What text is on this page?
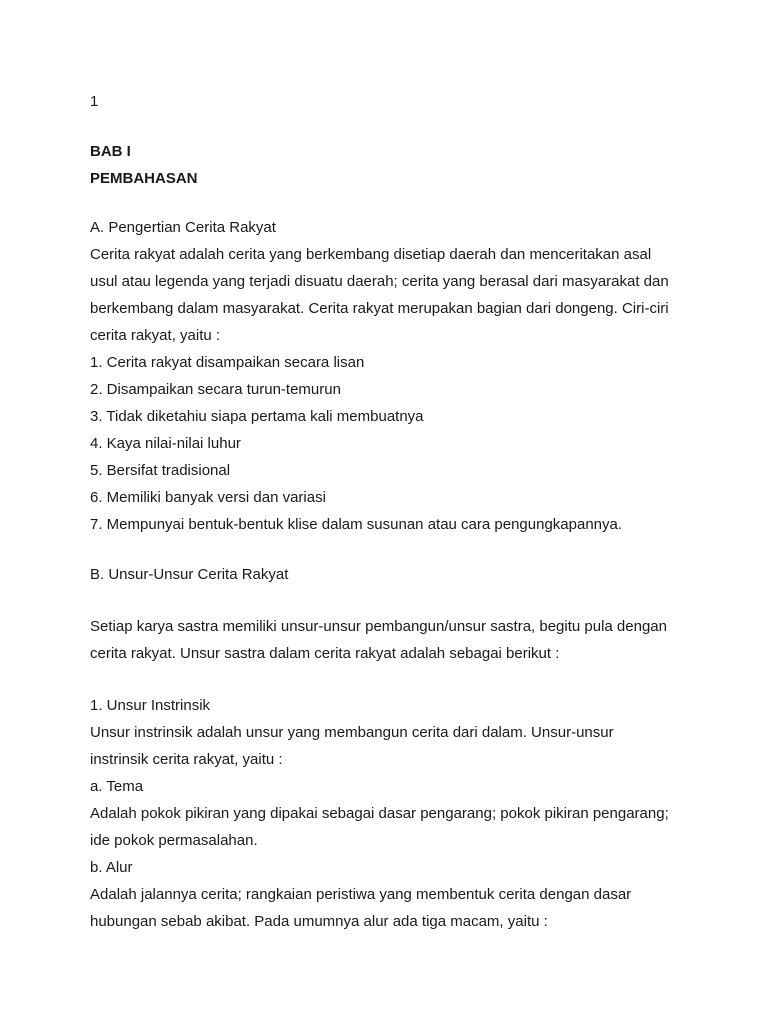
1
BAB I
PEMBAHASAN
A. Pengertian Cerita Rakyat
Cerita rakyat adalah cerita yang berkembang disetiap daerah dan menceritakan asal
usul atau legenda yang terjadi disuatu daerah; cerita yang berasal dari masyarakat dan
berkembang dalam masyarakat. Cerita rakyat merupakan bagian dari dongeng. Ciri-ciri
cerita rakyat, yaitu :
1. Cerita rakyat disampaikan secara lisan
2. Disampaikan secara turun-temurun
3. Tidak diketahiu siapa pertama kali membuatnya
4. Kaya nilai-nilai luhur
5. Bersifat tradisional
6. Memiliki banyak versi dan variasi
7. Mempunyai bentuk-bentuk klise dalam susunan atau cara pengungkapannya.
B. Unsur-Unsur Cerita Rakyat
Setiap karya sastra memiliki unsur-unsur pembangun/unsur sastra, begitu pula dengan
cerita rakyat. Unsur sastra dalam cerita rakyat adalah sebagai berikut :
1. Unsur Instrinsik
Unsur instrinsik adalah unsur yang membangun cerita dari dalam. Unsur-unsur
instrinsik cerita rakyat, yaitu :
a. Tema
Adalah pokok pikiran yang dipakai sebagai dasar pengarang; pokok pikiran pengarang;
ide pokok permasalahan.
b. Alur
Adalah jalannya cerita; rangkaian peristiwa yang membentuk cerita dengan dasar
hubungan sebab akibat. Pada umumnya alur ada tiga macam, yaitu :
